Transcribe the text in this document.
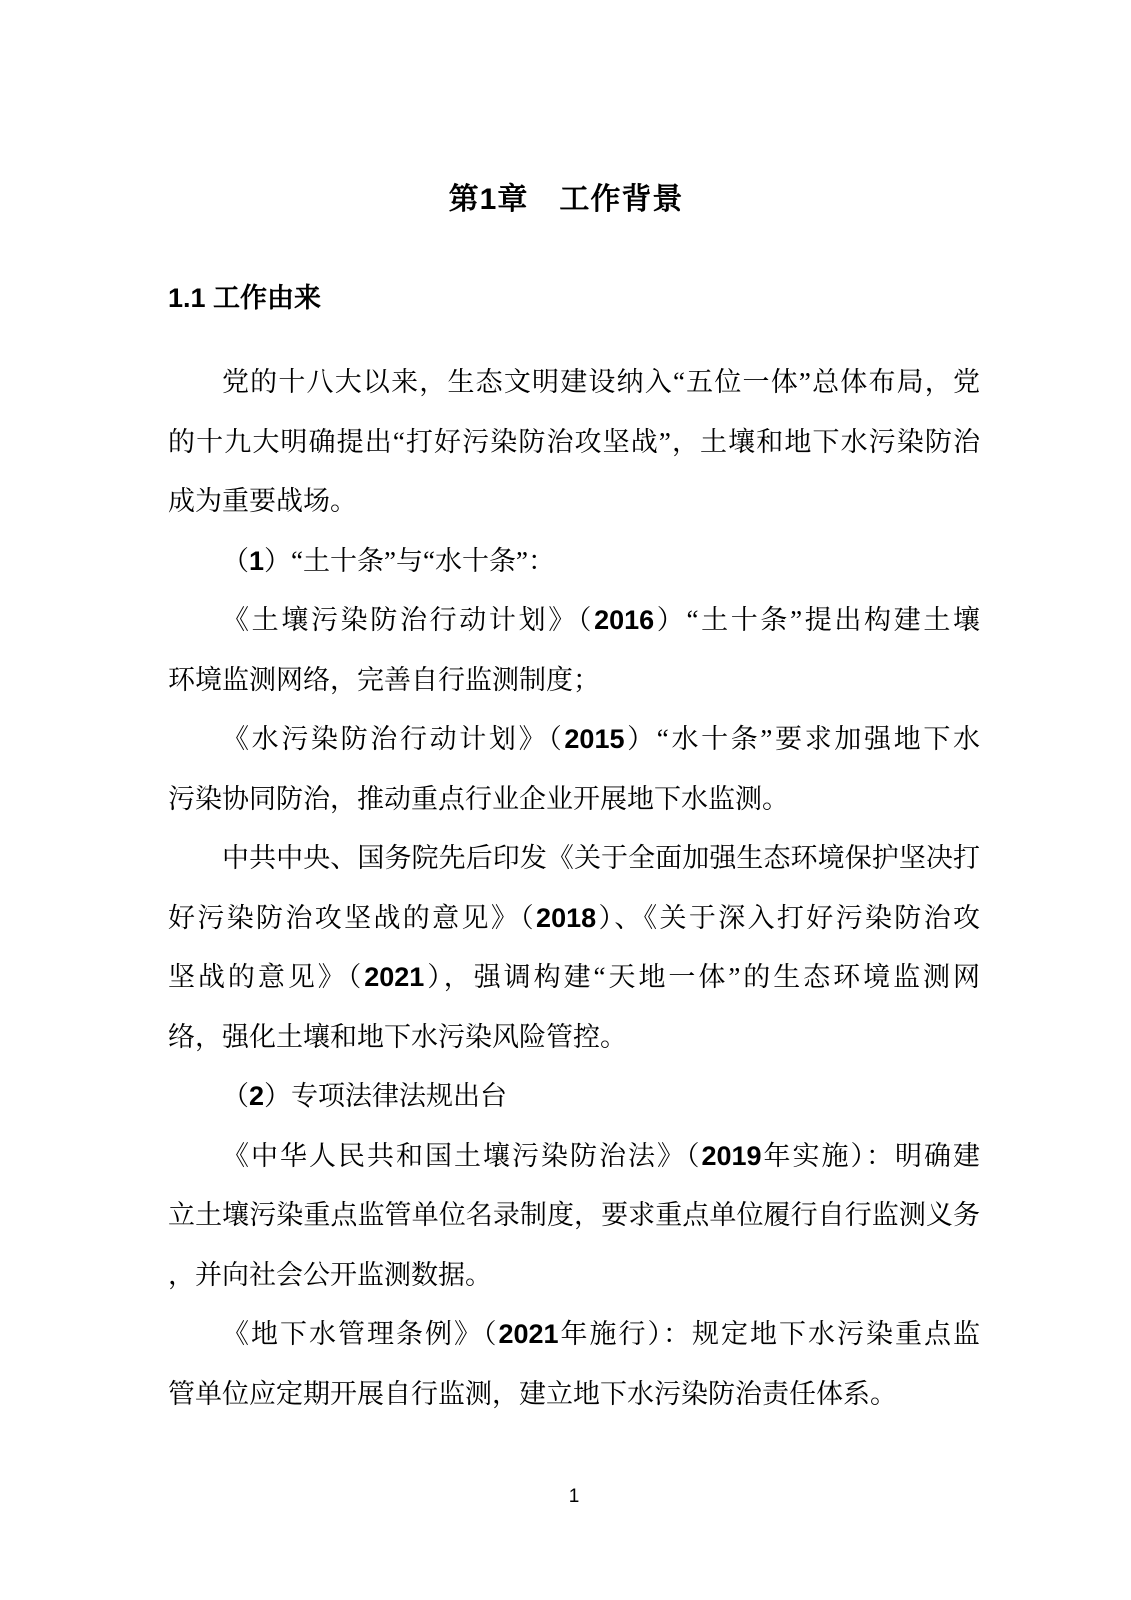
第1章　工作背景
1.1 工作由来
党的十八大以来，生态文明建设纳入“五位一体”总体布局，党
的十九大明确提出“打好污染防治攻坚战”，土壤和地下水污染防治
成为重要战场。
（1）“土十条”与“水十条”：
《土壤污染防治行动计划》（2016）“土十条”提出构建土壤
环境监测网络，完善自行监测制度；
《水污染防治行动计划》（2015）“水十条”要求加强地下水
污染协同防治，推动重点行业企业开展地下水监测。
中共中央、国务院先后印发《关于全面加强生态环境保护坚决打
好污染防治攻坚战的意见》（2018）、《关于深入打好污染防治攻
坚战的意见》（2021），强调构建“天地一体”的生态环境监测网
络，强化土壤和地下水污染风险管控。
（2）专项法律法规出台
《中华人民共和国土壤污染防治法》（2019年实施）：明确建
立土壤污染重点监管单位名录制度，要求重点单位履行自行监测义务
，并向社会公开监测数据。
《地下水管理条例》（2021年施行）：规定地下水污染重点监
管单位应定期开展自行监测，建立地下水污染防治责任体系。
1
